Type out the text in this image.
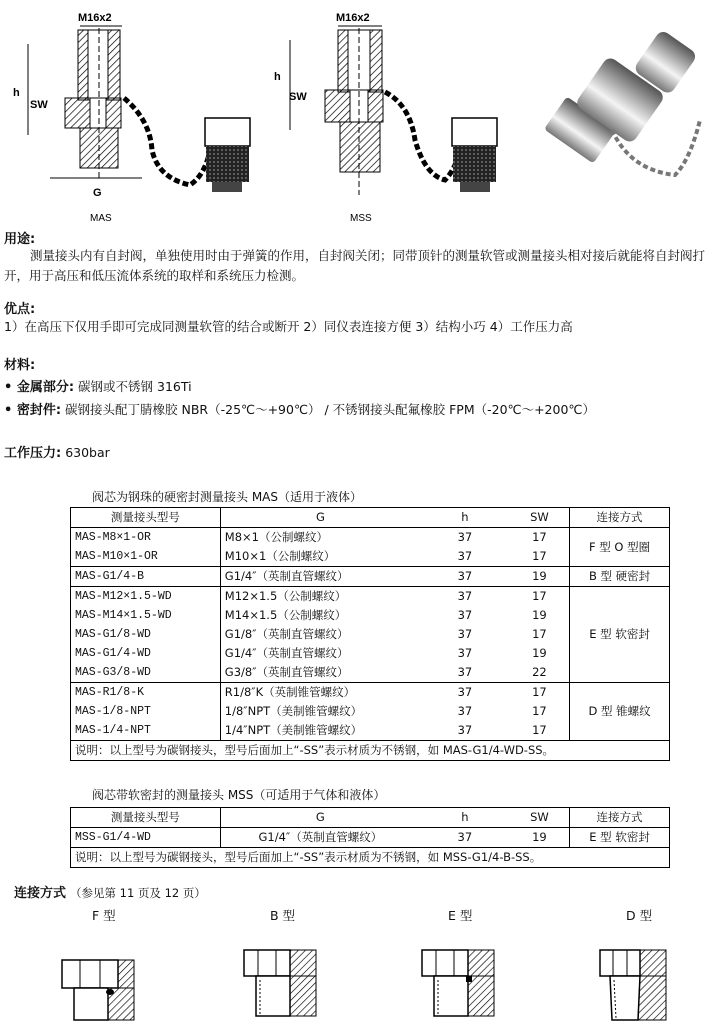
M16x2
h
SW
G
MAS
M16x2
h
SW
MSS
用途:
测量接头内有自封阀，单独使用时由于弹簧的作用，自封阀关闭；同带顶针的测量软管或测量接头相对接后就能将自封阀打开，用于高压和低压流体系统的取样和系统压力检测。
优点:
1）在高压下仅用手即可完成同测量软管的结合或断开 2）同仪表连接方便 3）结构小巧 4）工作压力高
材料:
• 金属部分: 碳钢或不锈钢 316Ti
• 密封件: 碳钢接头配丁腈橡胶 NBR（-25℃～+90℃） / 不锈钢接头配氟橡胶 FPM（-20℃～+200℃）
工作压力: 630bar
阀芯为钢珠的硬密封测量接头 MAS（适用于液体）
测量接头型号	G	h	SW	连接方式
MAS-M8×1-OR	M8×1（公制螺纹）	37	17	F 型 O 型圈
MAS-M10×1-OR	M10×1（公制螺纹）	37	17	
MAS-G1/4-B	G1/4″（英制直管螺纹）	37	19	B 型 硬密封
MAS-M12×1.5-WD	M12×1.5（公制螺纹）	37	17	E 型 软密封
MAS-M14×1.5-WD	M14×1.5（公制螺纹）	37	19	
MAS-G1/8-WD	G1/8″（英制直管螺纹）	37	17	
MAS-G1/4-WD	G1/4″（英制直管螺纹）	37	19	
MAS-G3/8-WD	G3/8″（英制直管螺纹）	37	22	
MAS-R1/8-K	R1/8″K（英制锥管螺纹）	37	17	D 型 锥螺纹
MAS-1/8-NPT	1/8″NPT（美制锥管螺纹）	37	17	
MAS-1/4-NPT	1/4″NPT（美制锥管螺纹）	37	17	
说明：以上型号为碳钢接头，型号后面加上“-SS”表示材质为不锈钢，如 MAS-G1/4-WD-SS。				
阀芯带软密封的测量接头 MSS（可适用于气体和液体）
测量接头型号	G	h	SW	连接方式
MSS-G1/4-WD	G1/4″（英制直管螺纹）	37	19	E 型 软密封
说明：以上型号为碳钢接头，型号后面加上“-SS”表示材质为不锈钢，如 MSS-G1/4-B-SS。				
连接方式 （参见第 11 页及 12 页）
F 型	B 型	E 型	D 型
